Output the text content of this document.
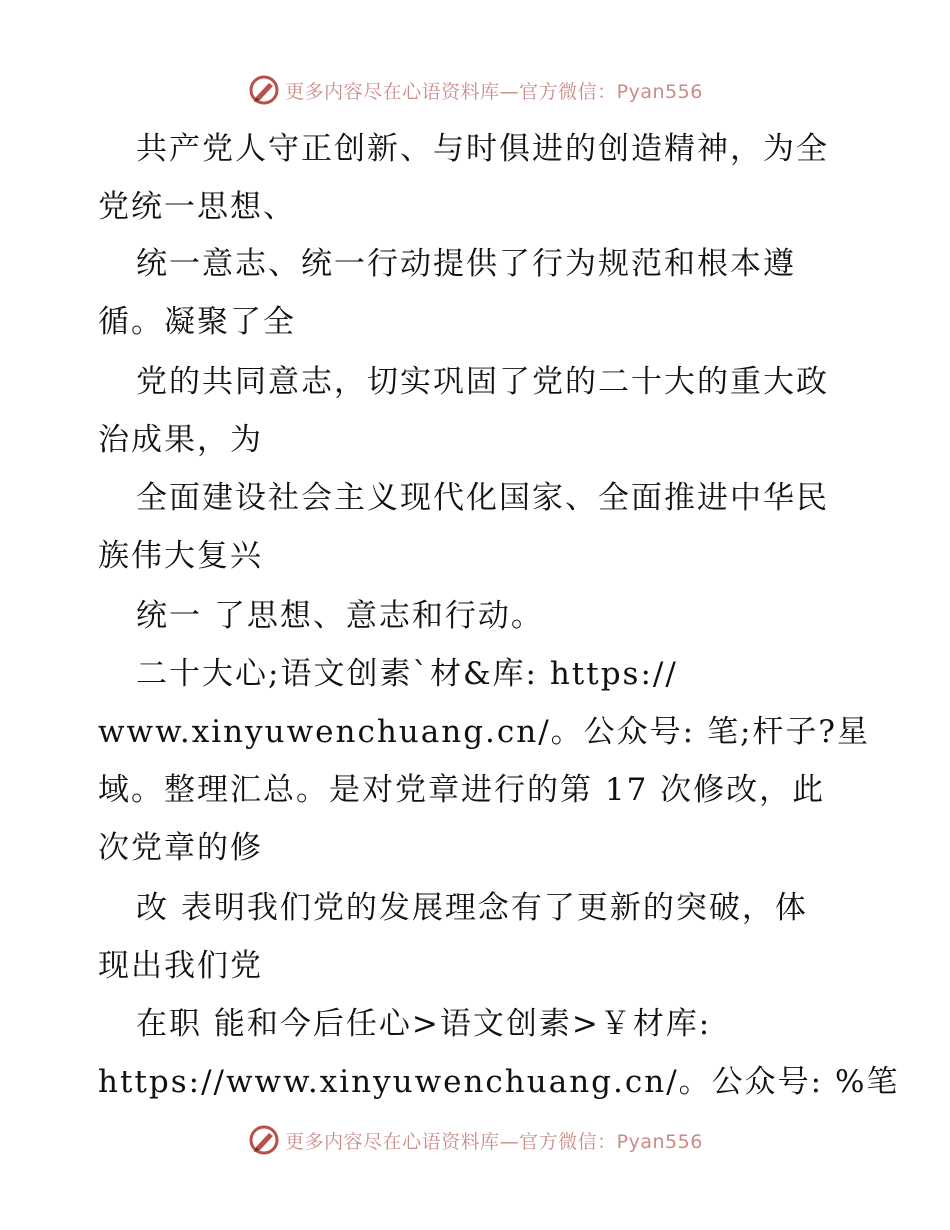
更多内容尽在心语资料库—官方微信：Pyan556
共产党人守正创新、与时俱进的创造精神，为全
党统一思想、
统一意志、统一行动提供了行为规范和根本遵
循。凝聚了全
党的共同意志，切实巩固了党的二十大的重大政
治成果，为
全面建设社会主义现代化国家、全面推进中华民
族伟大复兴
统一 了思想、意志和行动。
二十大心;语文创素`材&库: https://
www.xinyuwenchuang.cn/。公众号: 笔;杆子?星
域。整理汇总。是对党章进行的第 17 次修改，此
次党章的修
改 表明我们党的发展理念有了更新的突破，体
现出我们党
在职 能和今后任心>语文创素>￥材库:
https://www.xinyuwenchuang.cn/。公众号: %笔
更多内容尽在心语资料库—官方微信：Pyan556
